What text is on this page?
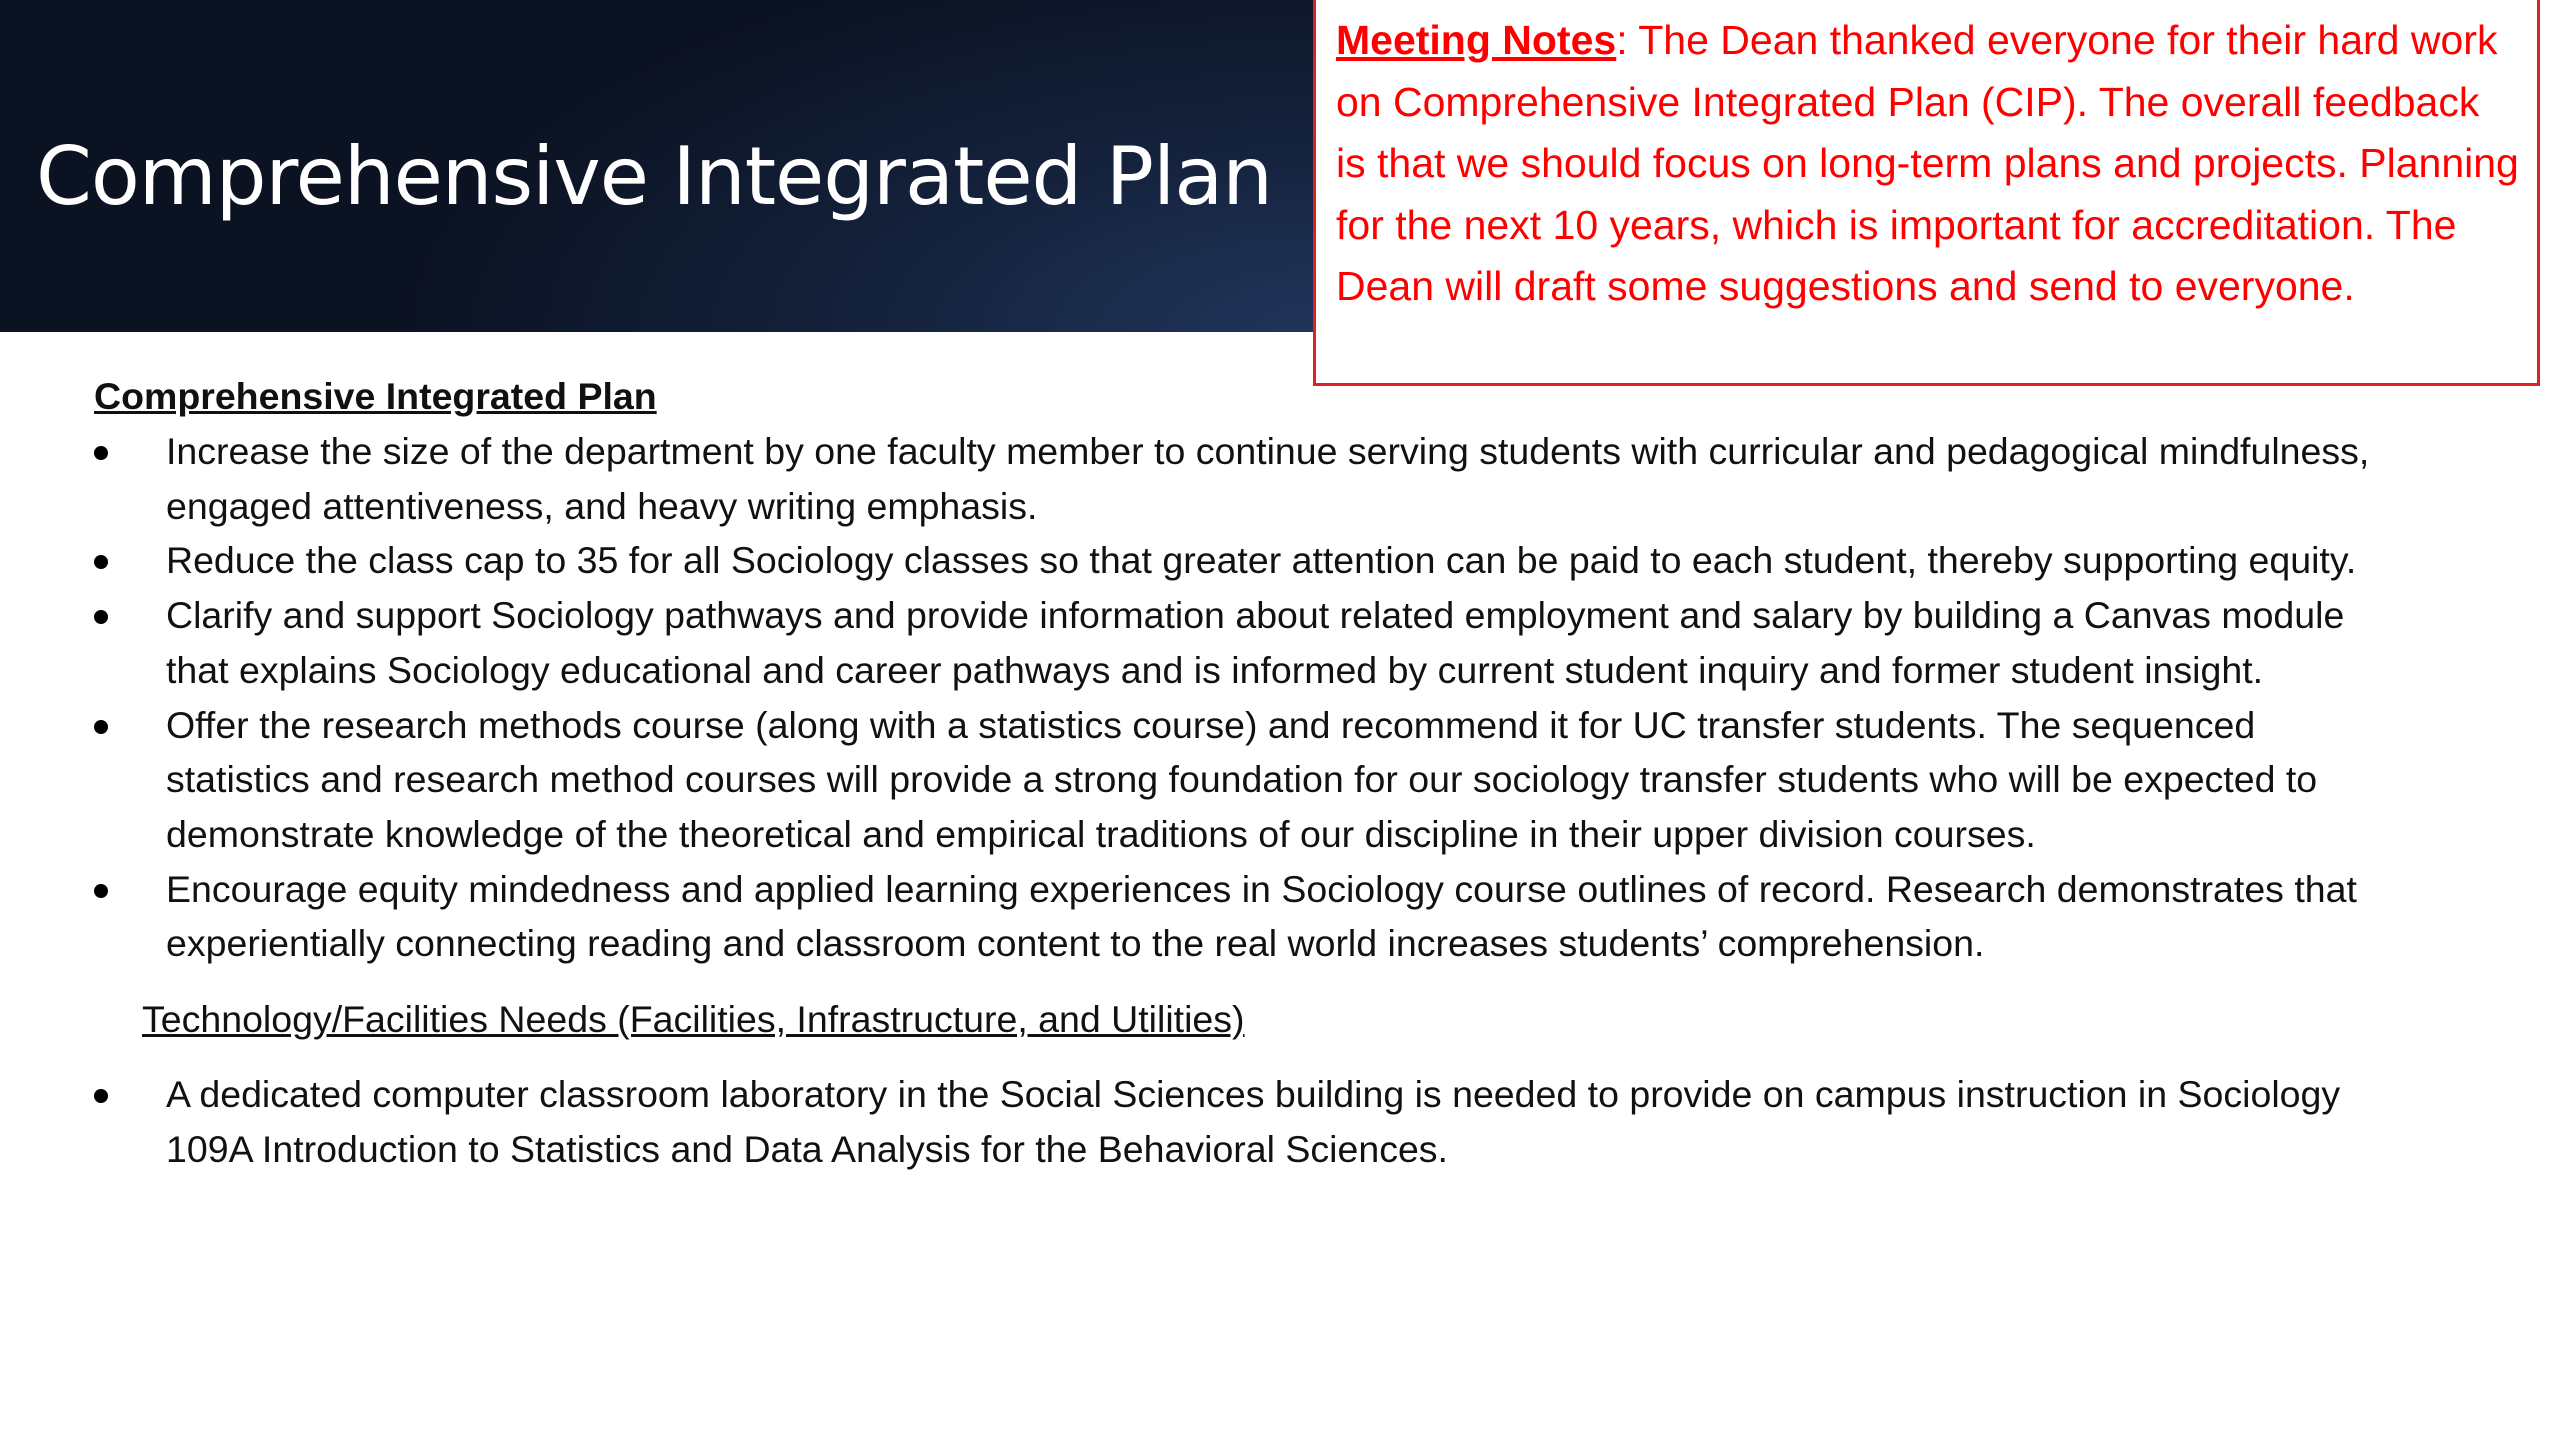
Comprehensive Integrated Plan
Meeting Notes: The Dean thanked everyone for their hard work on Comprehensive Integrated Plan (CIP). The overall feedback is that we should focus on long-term plans and projects. Planning for the next 10 years, which is important for accreditation. The Dean will draft some suggestions and send to everyone.
Comprehensive Integrated Plan
Increase the size of the department by one faculty member to continue serving students with curricular and pedagogical mindfulness, engaged attentiveness, and heavy writing emphasis.
Reduce the class cap to 35 for all Sociology classes so that greater attention can be paid to each student, thereby supporting equity.
Clarify and support Sociology pathways and provide information about related employment and salary by building a Canvas module that explains Sociology educational and career pathways and is informed by current student inquiry and former student insight.
Offer the research methods course (along with a statistics course) and recommend it for UC transfer students. The sequenced statistics and research method courses will provide a strong foundation for our sociology transfer students who will be expected to demonstrate knowledge of the theoretical and empirical traditions of our discipline in their upper division courses.
Encourage equity mindedness and applied learning experiences in Sociology course outlines of record. Research demonstrates that experientially connecting reading and classroom content to the real world increases students’ comprehension.
Technology/Facilities Needs (Facilities, Infrastructure, and Utilities)
A dedicated computer classroom laboratory in the Social Sciences building is needed to provide on campus instruction in Sociology 109A Introduction to Statistics and Data Analysis for the Behavioral Sciences.
